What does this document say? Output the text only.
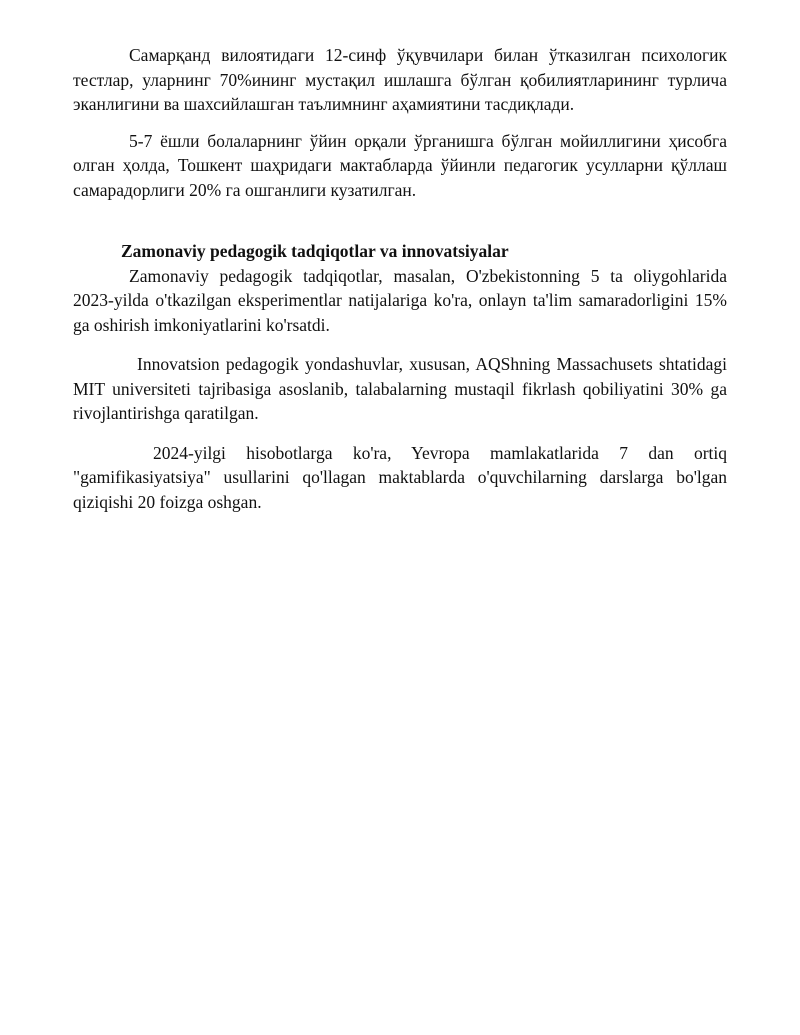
Самарқанд вилоятидаги 12-синф ўқувчилари билан ўтказилган психологик тестлар, уларнинг 70%ининг мустақил ишлашга бўлган қобилиятларининг турлича эканлигини ва шахсийлашган таълимнинг аҳамиятини тасдиқлади.

5-7 ёшли болаларнинг ўйин орқали ўрганишга бўлган мойиллигини ҳисобга олган ҳолда, Тошкент шаҳридаги мактабларда ўйинли педагогик усулларни қўллаш самарадорлиги 20% га ошганлиги кузатилган.

Zamonaviy pedagogik tadqiqotlar va innovatsiyalar

Zamonaviy pedagogik tadqiqotlar, masalan, O'zbekistonning 5 ta oliygohlarida 2023-yilda o'tkazilgan eksperimentlar natijalariga ko'ra, onlayn ta'lim samaradorligini 15% ga oshirish imkoniyatlarini ko'rsatdi.

Innovatsion pedagogik yondashuvlar, xususan, AQShning Massachusets shtatidagi MIT universiteti tajribasiga asoslanib, talabalarning mustaqil fikrlash qobiliyatini 30% ga rivojlantirishga qaratilgan.

2024-yilgi hisobotlarga ko'ra, Yevropa mamlakatlarida 7 dan ortiq "gamifikasiyatsiya" usullarini qo'llagan maktablarda o'quvchilarning darslarga bo'lgan qiziqishi 20 foizga oshgan.
